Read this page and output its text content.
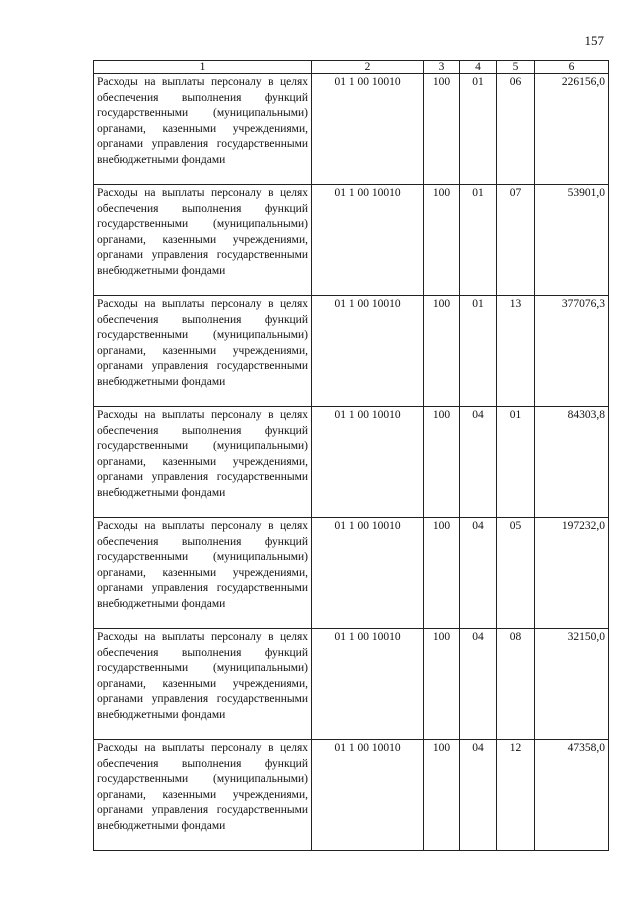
157
1	2	3	4	5	6
Расходы на выплаты персоналу в целях обеспечения выполнения функций государственными (муниципальными) органами, казенными учреждениями, органами управления государственными внебюджетными фондами	01 1 00 10010	100	01	06	226156,0
Расходы на выплаты персоналу в целях обеспечения выполнения функций государственными (муниципальными) органами, казенными учреждениями, органами управления государственными внебюджетными фондами	01 1 00 10010	100	01	07	53901,0
Расходы на выплаты персоналу в целях обеспечения выполнения функций государственными (муниципальными) органами, казенными учреждениями, органами управления государственными внебюджетными фондами	01 1 00 10010	100	01	13	377076,3
Расходы на выплаты персоналу в целях обеспечения выполнения функций государственными (муниципальными) органами, казенными учреждениями, органами управления государственными внебюджетными фондами	01 1 00 10010	100	04	01	84303,8
Расходы на выплаты персоналу в целях обеспечения выполнения функций государственными (муниципальными) органами, казенными учреждениями, органами управления государственными внебюджетными фондами	01 1 00 10010	100	04	05	197232,0
Расходы на выплаты персоналу в целях обеспечения выполнения функций государственными (муниципальными) органами, казенными учреждениями, органами управления государственными внебюджетными фондами	01 1 00 10010	100	04	08	32150,0
Расходы на выплаты персоналу в целях обеспечения выполнения функций государственными (муниципальными) органами, казенными учреждениями, органами управления государственными внебюджетными фондами	01 1 00 10010	100	04	12	47358,0
